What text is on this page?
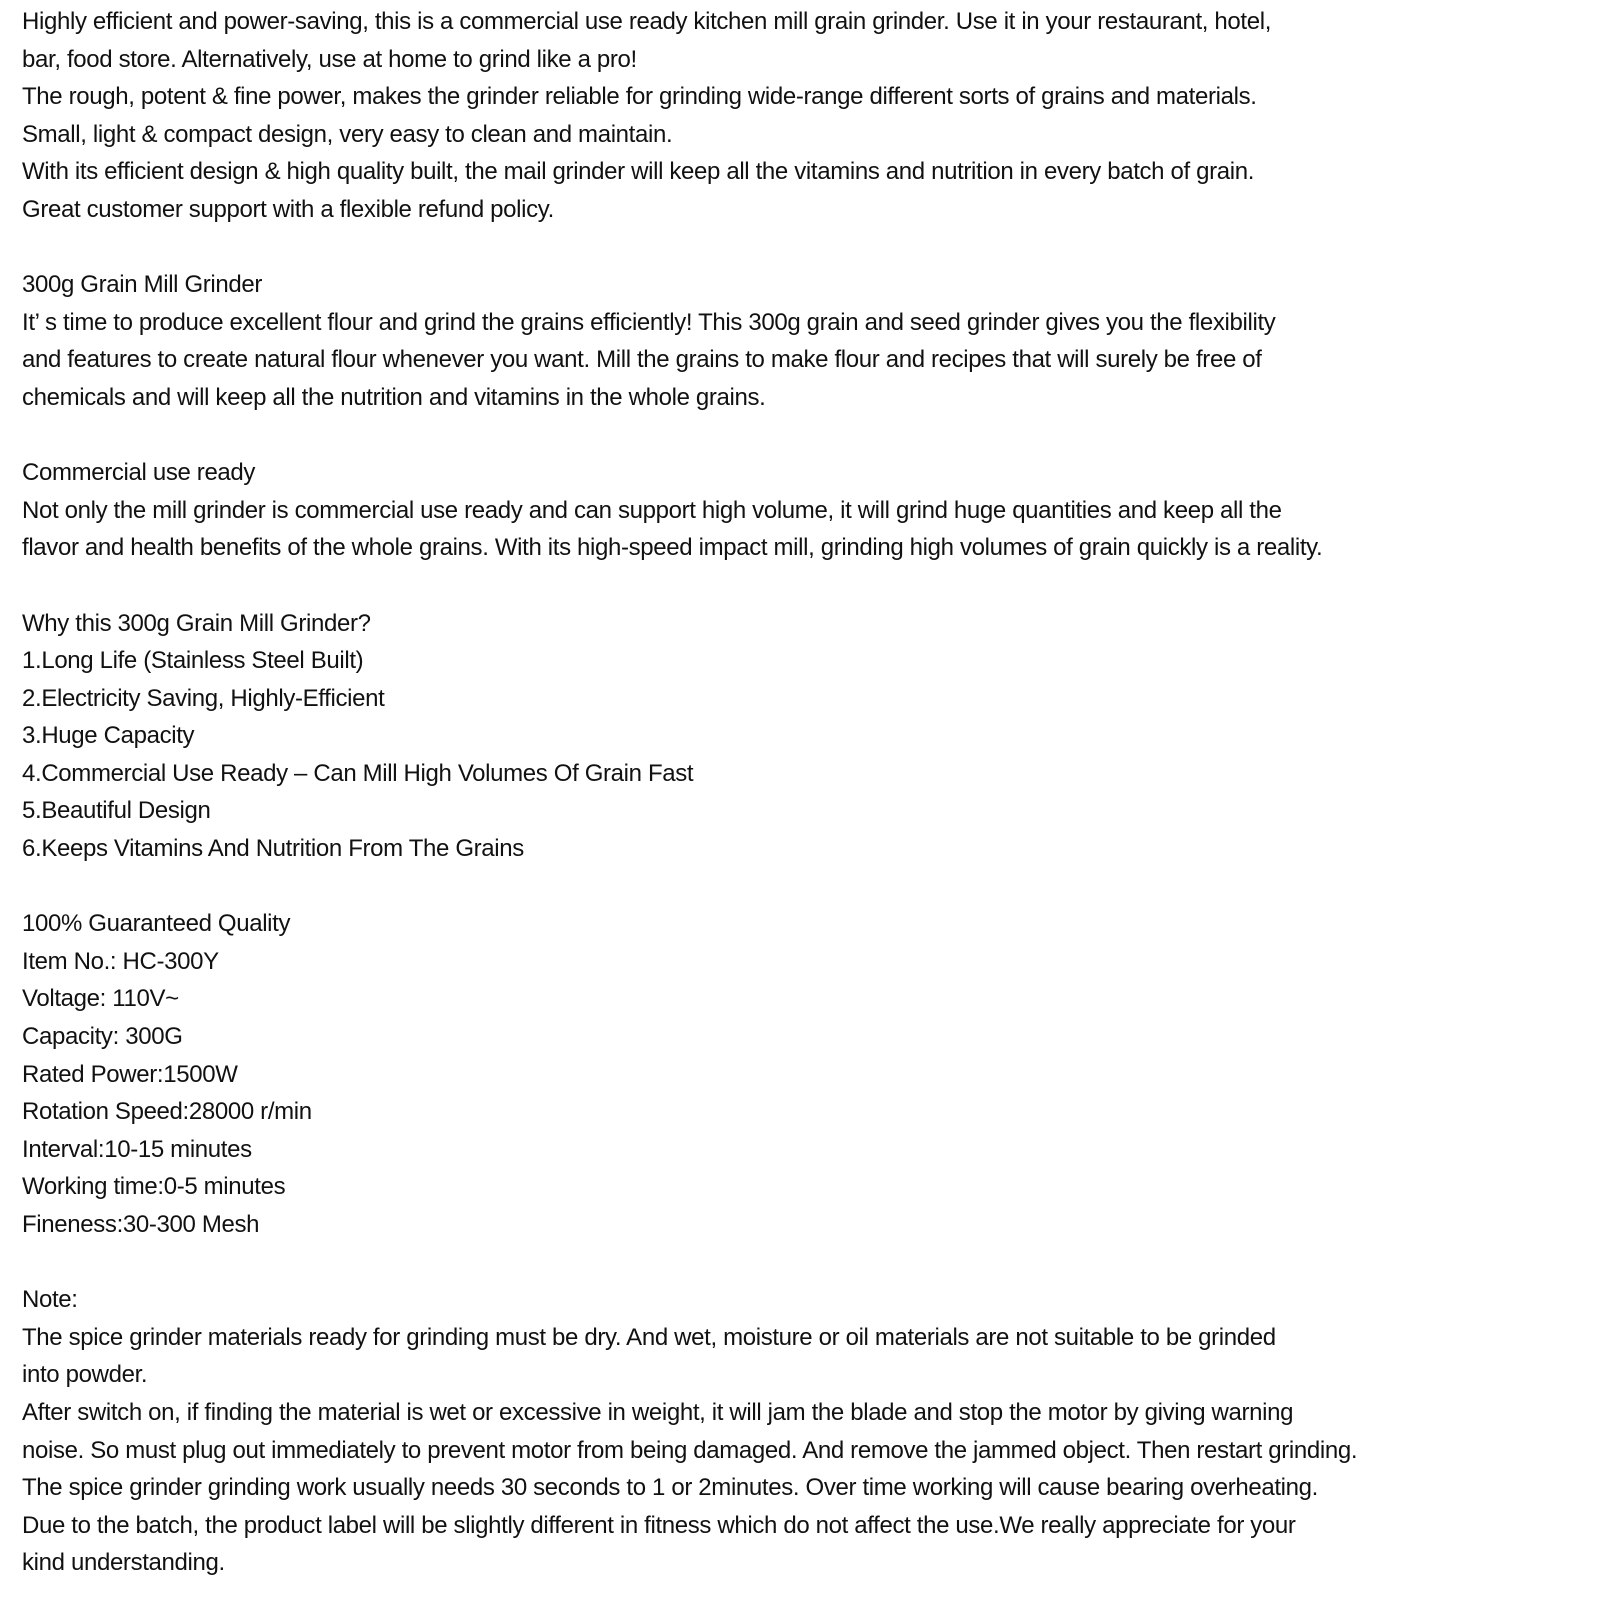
Highly efficient and power-saving, this is a commercial use ready kitchen mill grain grinder. Use it in your restaurant, hotel,
bar, food store. Alternatively, use at home to grind like a pro!
The rough, potent & fine power, makes the grinder reliable for grinding wide-range different sorts of grains and materials.
Small, light & compact design, very easy to clean and maintain.
With its efficient design & high quality built, the mail grinder will keep all the vitamins and nutrition in every batch of grain.
Great customer support with a flexible refund policy.
300g Grain Mill Grinder
It’ s time to produce excellent flour and grind the grains efficiently! This 300g grain and seed grinder gives you the flexibility
and features to create natural flour whenever you want. Mill the grains to make flour and recipes that will surely be free of
chemicals and will keep all the nutrition and vitamins in the whole grains.
Commercial use ready
Not only the mill grinder is commercial use ready and can support high volume, it will grind huge quantities and keep all the
flavor and health benefits of the whole grains. With its high-speed impact mill, grinding high volumes of grain quickly is a reality.
Why this 300g Grain Mill Grinder?
1.Long Life (Stainless Steel Built)
2.Electricity Saving, Highly-Efficient
3.Huge Capacity
4.Commercial Use Ready – Can Mill High Volumes Of Grain Fast
5.Beautiful Design
6.Keeps Vitamins And Nutrition From The Grains
100% Guaranteed Quality
Item No.: HC-300Y
Voltage: 110V~
Capacity: 300G
Rated Power:1500W
Rotation Speed:28000 r/min
Interval:10-15 minutes
Working time:0-5 minutes
Fineness:30-300 Mesh
Note:
The spice grinder materials ready for grinding must be dry. And wet, moisture or oil materials are not suitable to be grinded
into powder.
After switch on, if finding the material is wet or excessive in weight, it will jam the blade and stop the motor by giving warning
noise. So must plug out immediately to prevent motor from being damaged. And remove the jammed object. Then restart grinding.
The spice grinder grinding work usually needs 30 seconds to 1 or 2minutes. Over time working will cause bearing overheating.
Due to the batch, the product label will be slightly different in fitness which do not affect the use.We really appreciate for your
kind understanding.
